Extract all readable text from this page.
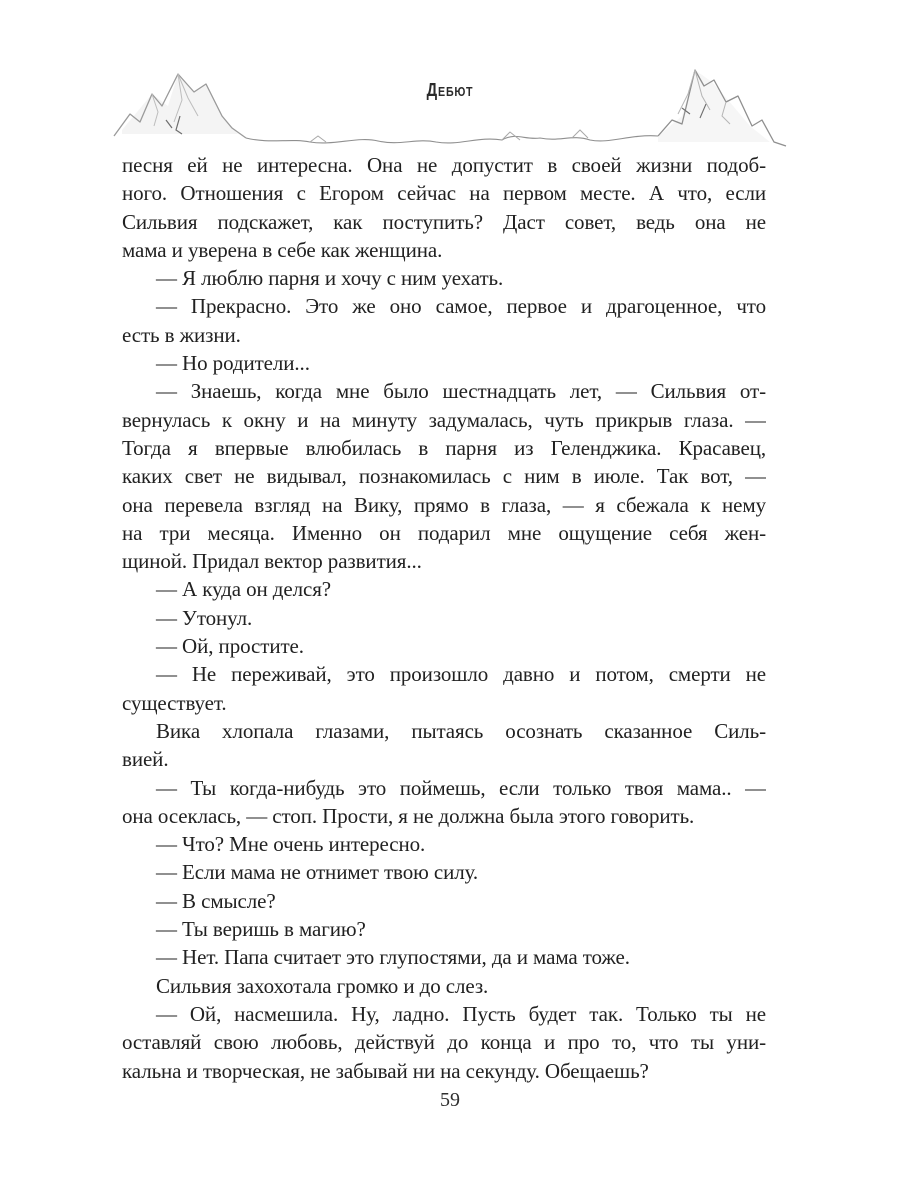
Дебют
песня ей не интересна. Она не допустит в своей жизни подоб-
ного. Отношения с Егором сейчас на первом месте. А что, если
Сильвия подскажет, как поступить? Даст совет, ведь она не
мама и уверена в себе как женщина.
— Я люблю парня и хочу с ним уехать.
— Прекрасно. Это же оно самое, первое и драгоценное, что
есть в жизни.
— Но родители...
— Знаешь, когда мне было шестнадцать лет, — Сильвия от-
вернулась к окну и на минуту задумалась, чуть прикрыв глаза. —
Тогда я впервые влюбилась в парня из Геленджика. Красавец,
каких свет не видывал, познакомилась с ним в июле. Так вот, —
она перевела взгляд на Вику, прямо в глаза, — я сбежала к нему
на три месяца. Именно он подарил мне ощущение себя жен-
щиной. Придал вектор развития...
— А куда он делся?
— Утонул.
— Ой, простите.
— Не переживай, это произошло давно и потом, смерти не
существует.
Вика хлопала глазами, пытаясь осознать сказанное Силь-
вией.
— Ты когда-нибудь это поймешь, если только твоя мама.. —
она осеклась, — стоп. Прости, я не должна была этого говорить.
— Что? Мне очень интересно.
— Если мама не отнимет твою силу.
— В смысле?
— Ты веришь в магию?
— Нет. Папа считает это глупостями, да и мама тоже.
Сильвия захохотала громко и до слез.
— Ой, насмешила. Ну, ладно. Пусть будет так. Только ты не
оставляй свою любовь, действуй до конца и про то, что ты уни-
кальна и творческая, не забывай ни на секунду. Обещаешь?
59
